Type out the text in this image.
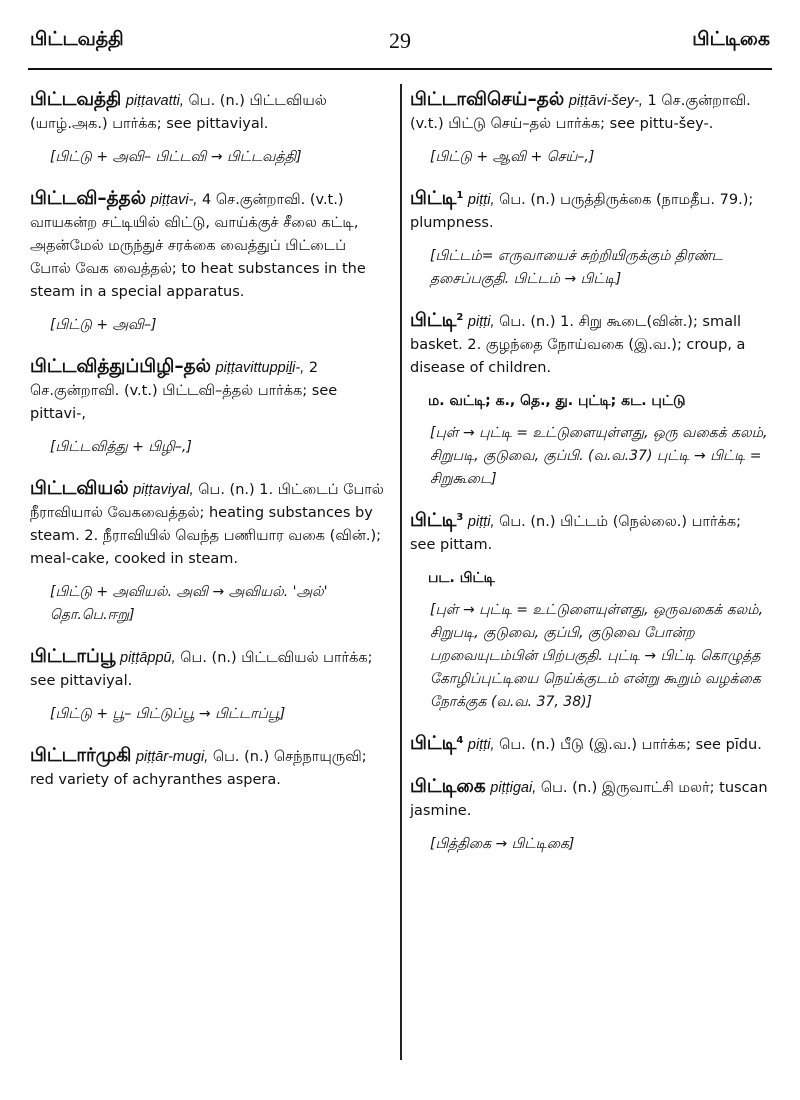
பிட்டவத்தி	29	பிட்டிகை
பிட்டவத்தி piṭṭavatti, பெ. (n.) பிட்டவியல் (யாழ்.அக.) பார்க்க; see pittaviyal.
[பிட்டு + அவி– பிட்டவி → பிட்டவத்தி]
பிட்டவி–த்தல் piṭṭavi-, 4 செ.குன்றாவி. (v.t.) வாயகன்ற சட்டியில் விட்டு, வாய்க்குச் சீலை கட்டி, அதன்மேல் மருந்துச் சரக்கை வைத்துப் பிட்டைப் போல் வேக வைத்தல்; to heat substances in the steam in a special apparatus.
[பிட்டு + அவி–]
பிட்டவித்துப்பிழி–தல் piṭṭavittuppiḻi-, 2 செ.குன்றாவி. (v.t.) பிட்டவி–த்தல் பார்க்க; see pittavi-,
[பிட்டவித்து + பிழி–,]
பிட்டவியல் piṭṭaviyal, பெ. (n.) 1. பிட்டைப் போல் நீராவியால் வேகவைத்தல்; heating substances by steam. 2. நீராவியில் வெந்த பணியார வகை (வின்.); meal-cake, cooked in steam.
[பிட்டு + அவியல். அவி → அவியல். 'அல்' தொ.பெ.ஈறு]
பிட்டாப்பூ piṭṭāppū, பெ. (n.) பிட்டவியல் பார்க்க; see pittaviyal.
[பிட்டு + பூ– பிட்டுப்பூ → பிட்டாப்பூ]
பிட்டார்முகி piṭṭār-mugi, பெ. (n.) செந்நாயுருவி; red variety of achyranthes aspera.
பிட்டாவிசெய்–தல் piṭṭāvi-šey-, 1 செ.குன்றாவி. (v.t.) பிட்டு செய்–தல் பார்க்க; see pittu-šey-.
[பிட்டு + ஆவி + செய்–,]
பிட்டி$^1$ piṭṭi, பெ. (n.) பருத்திருக்கை (நாமதீப. 79.); plumpness.
[பிட்டம்= எருவாயைச் சுற்றியிருக்கும் திரண்ட தசைப்பகுதி. பிட்டம் → பிட்டி]
பிட்டி$^2$ piṭṭi, பெ. (n.) 1. சிறு கூடை(வின்.); small basket. 2. குழந்தை நோய்வகை (இ.வ.); croup, a disease of children.
ம. வட்டி; க., தெ., து. புட்டி; கட. புட்டு
[புள் → புட்டி = உட்டுளையுள்ளது, ஒரு வகைக் கலம், சிறுபடி, குடுவை, குப்பி. (வ.வ.37) புட்டி → பிட்டி = சிறுகூடை]
பிட்டி$^3$ piṭṭi, பெ. (n.) பிட்டம் (நெல்லை.) பார்க்க; see pittam.
பட. பிட்டி
[புள் → புட்டி = உட்டுளையுள்ளது, ஒருவகைக் கலம், சிறுபடி, குடுவை, குப்பி, குடுவை போன்ற பறவையுடம்பின் பிற்பகுதி. புட்டி → பிட்டி கொழுத்த கோழிப்புட்டியை நெய்க்குடம் என்று கூறும் வழக்கை நோக்குக (வ.வ. 37, 38)]
பிட்டி$^4$ piṭṭi, பெ. (n.) பீடு (இ.வ.) பார்க்க; see pīdu.
பிட்டிகை piṭṭigai, பெ. (n.) இருவாட்சி மலர்; tuscan jasmine.
[பித்திகை → பிட்டிகை]
